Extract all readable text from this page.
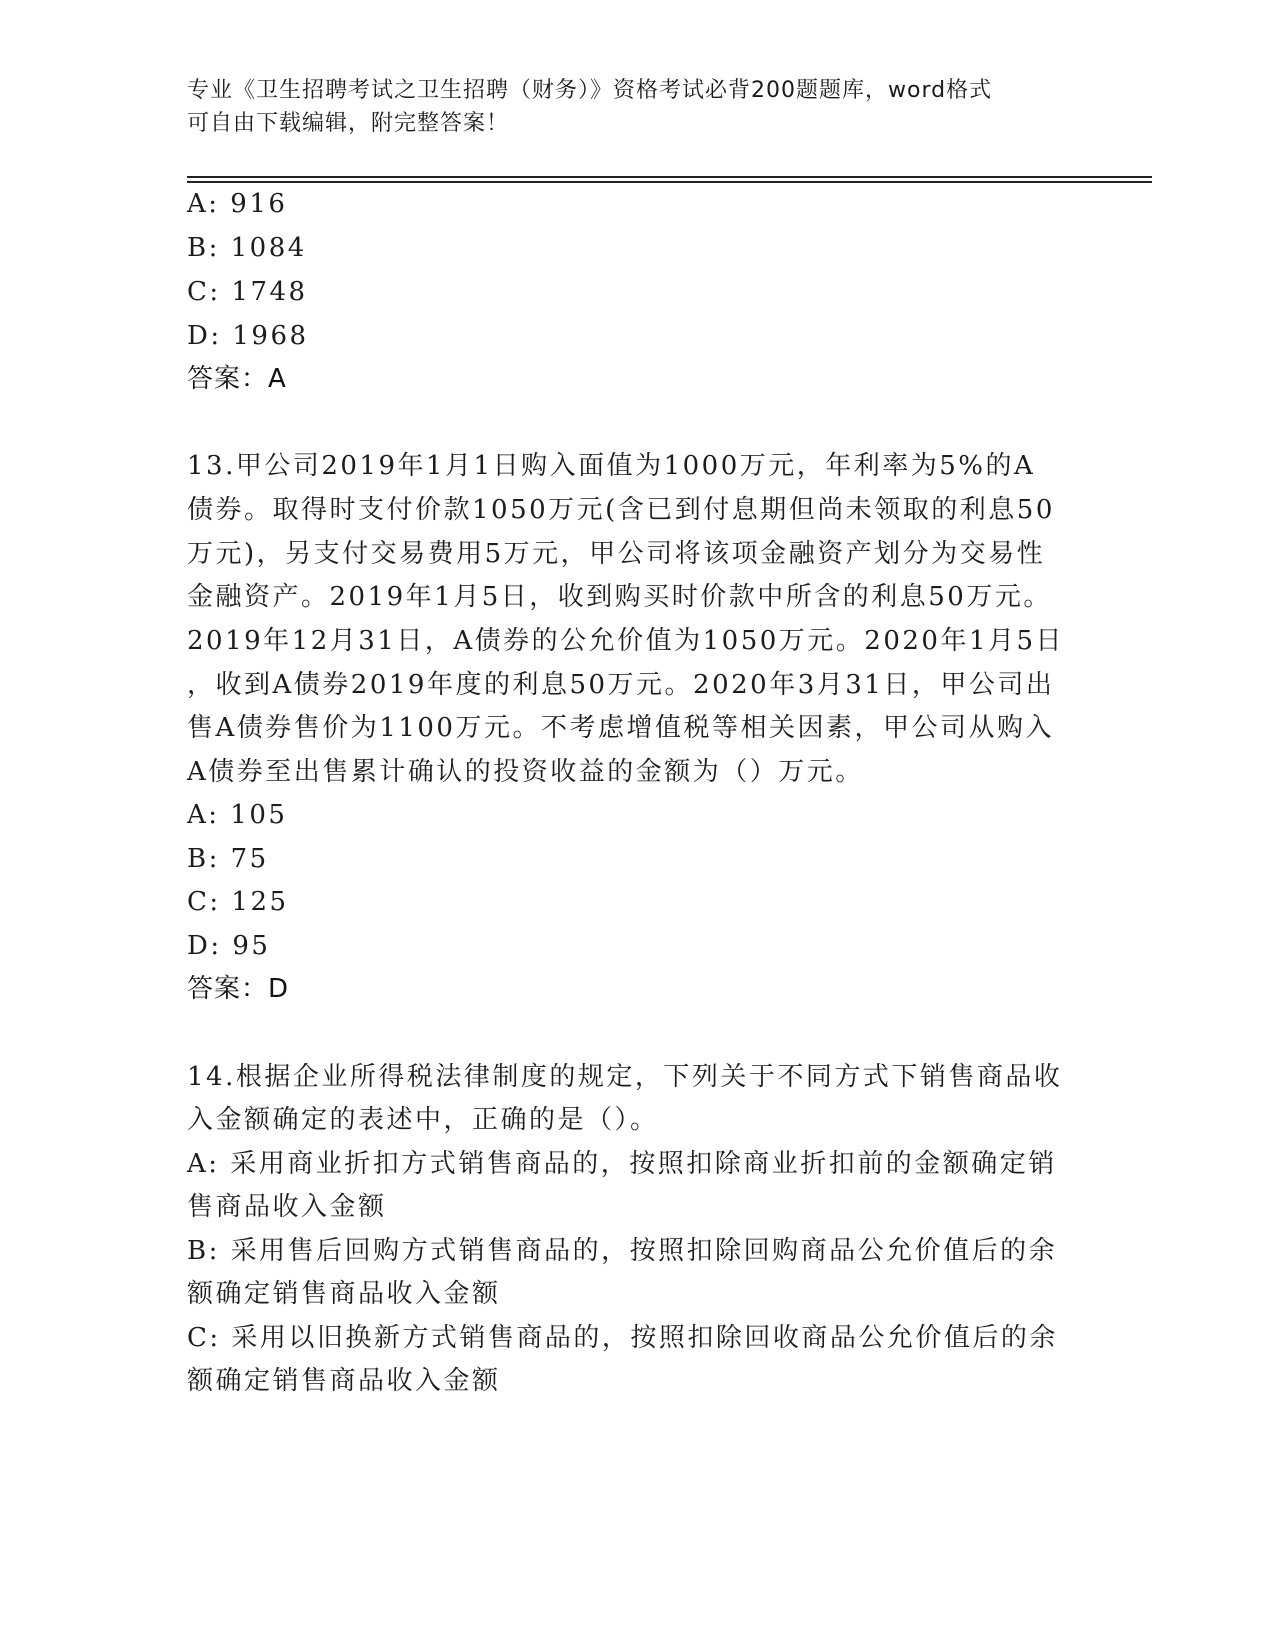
专业《卫生招聘考试之卫生招聘（财务）》资格考试必背200题题库，word格式
可自由下载编辑，附完整答案！
A: 916
B: 1084
C: 1748
D: 1968
答案：A
13.甲公司2019年1月1日购入面值为1000万元，年利率为5%的A
债券。取得时支付价款1050万元(含已到付息期但尚未领取的利息50
万元)，另支付交易费用5万元，甲公司将该项金融资产划分为交易性
金融资产。2019年1月5日，收到购买时价款中所含的利息50万元。
2019年12月31日，A债券的公允价值为1050万元。2020年1月5日
，收到A债券2019年度的利息50万元。2020年3月31日，甲公司出
售A债券售价为1100万元。不考虑增值税等相关因素，甲公司从购入
A债券至出售累计确认的投资收益的金额为（）万元。
A: 105
B: 75
C: 125
D: 95
答案：D
14.根据企业所得税法律制度的规定，下列关于不同方式下销售商品收
入金额确定的表述中，正确的是（）。
A: 采用商业折扣方式销售商品的，按照扣除商业折扣前的金额确定销
售商品收入金额
B: 采用售后回购方式销售商品的，按照扣除回购商品公允价值后的余
额确定销售商品收入金额
C: 采用以旧换新方式销售商品的，按照扣除回收商品公允价值后的余
额确定销售商品收入金额
